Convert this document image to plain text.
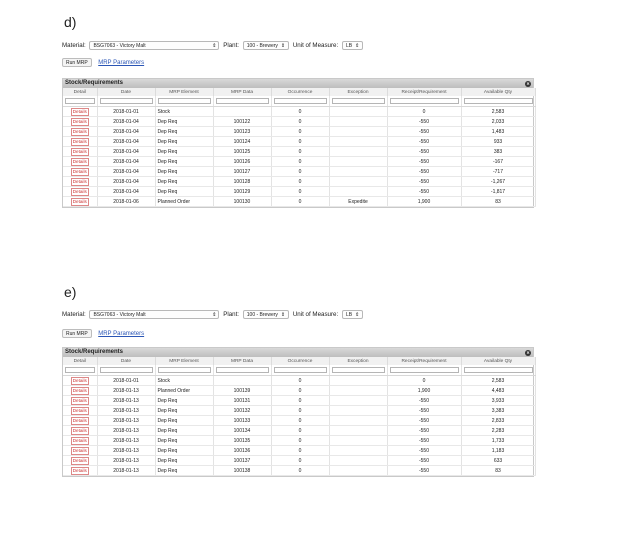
d)
Material: BSG7063 - Victory Malt	⇕ Plant: 100 - Brewery ⇕ Unit of Measure: LB ⇕
Run MRP MRP Parameters
Stock/Requirements	✕
Detail	Date	MRP Element	MRP Data	Occurrence	Exception	Receipt/Requirement	Available Qty

Details	2018-01-01	Stock		0		0	2,583
Details	2018-01-04	Dep Req	100122	0		-550	2,033
Details	2018-01-04	Dep Req	100123	0		-550	1,483
Details	2018-01-04	Dep Req	100124	0		-550	933
Details	2018-01-04	Dep Req	100125	0		-550	383
Details	2018-01-04	Dep Req	100126	0		-550	-167
Details	2018-01-04	Dep Req	100127	0		-550	-717
Details	2018-01-04	Dep Req	100128	0		-550	-1,267
Details	2018-01-04	Dep Req	100129	0		-550	-1,817
Details	2018-01-06	Planned Order	100130	0	Expedite	1,900	83
e)
Material: BSG7063 - Victory Malt	⇕ Plant: 100 - Brewery ⇕ Unit of Measure: LB ⇕
Run MRP MRP Parameters
Stock/Requirements	✕
Detail	Date	MRP Element	MRP Data	Occurrence	Exception	Receipt/Requirement	Available Qty

Details	2018-01-01	Stock		0		0	2,583
Details	2018-01-13	Planned Order	100139	0		1,900	4,483
Details	2018-01-13	Dep Req	100131	0		-550	3,933
Details	2018-01-13	Dep Req	100132	0		-550	3,383
Details	2018-01-13	Dep Req	100133	0		-550	2,833
Details	2018-01-13	Dep Req	100134	0		-550	2,283
Details	2018-01-13	Dep Req	100135	0		-550	1,733
Details	2018-01-13	Dep Req	100136	0		-550	1,183
Details	2018-01-13	Dep Req	100137	0		-550	633
Details	2018-01-13	Dep Req	100138	0		-550	83
